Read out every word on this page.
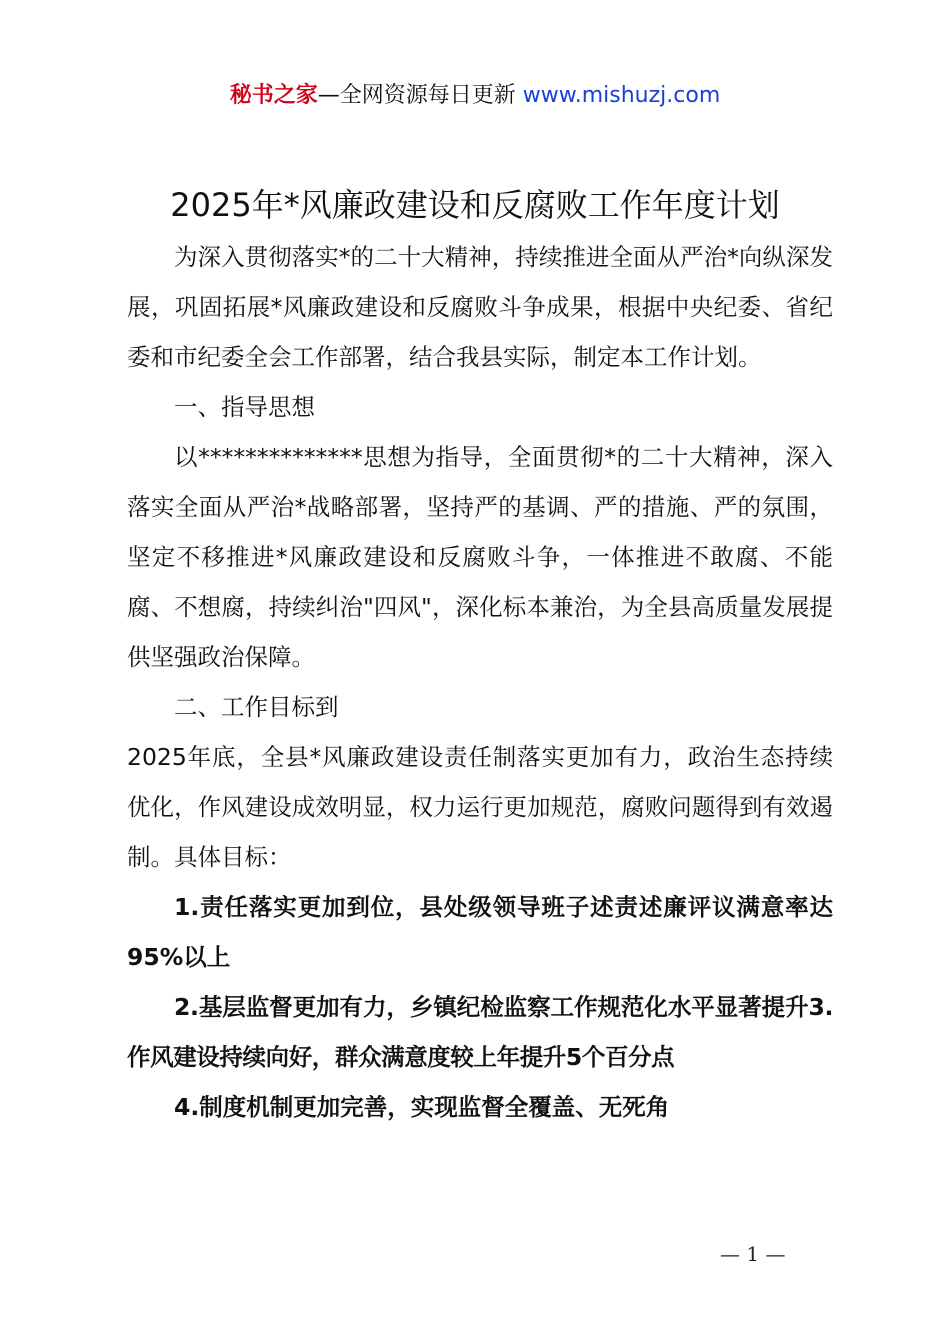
秘书之家—全网资源每日更新 www.mishuzj.com
2025年*风廉政建设和反腐败工作年度计划

为深入贯彻落实*的二十大精神，持续推进全面从严治*向纵深发展，巩固拓展*风廉政建设和反腐败斗争成果，根据中央纪委、省纪委和市纪委全会工作部署，结合我县实际，制定本工作计划。

一、指导思想

以**************思想为指导，全面贯彻*的二十大精神，深入落实全面从严治*战略部署，坚持严的基调、严的措施、严的氛围，坚定不移推进*风廉政建设和反腐败斗争，一体推进不敢腐、不能腐、不想腐，持续纠治"四风"，深化标本兼治，为全县高质量发展提供坚强政治保障。

二、工作目标到

2025年底，全县*风廉政建设责任制落实更加有力，政治生态持续优化，作风建设成效明显，权力运行更加规范，腐败问题得到有效遏制。具体目标：

1.责任落实更加到位，县处级领导班子述责述廉评议满意率达95%以上

2.基层监督更加有力，乡镇纪检监察工作规范化水平显著提升3.作风建设持续向好，群众满意度较上年提升5个百分点

4.制度机制更加完善，实现监督全覆盖、无死角

— 1 —
